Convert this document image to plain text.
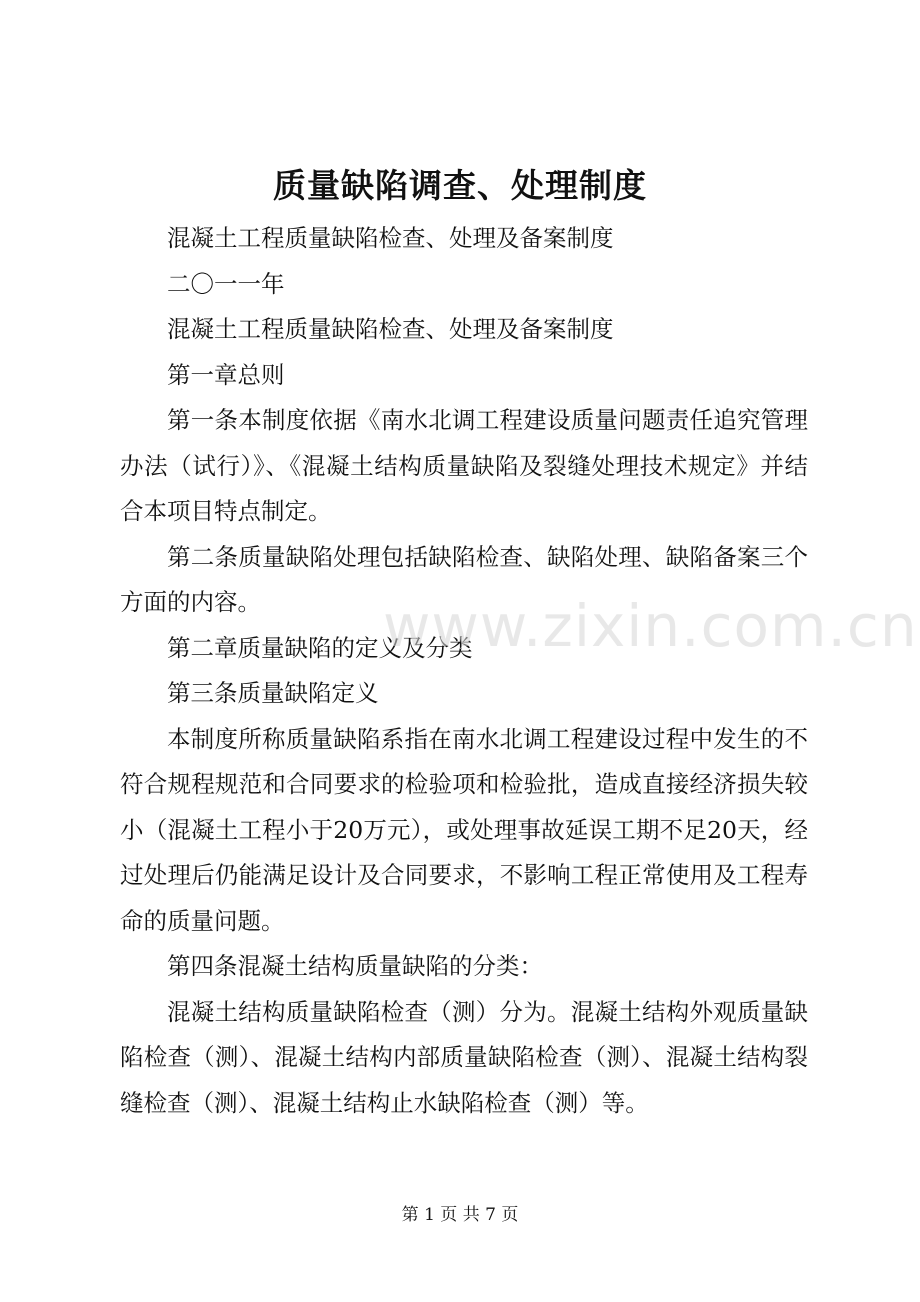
质量缺陷调查、处理制度

混凝土工程质量缺陷检查、处理及备案制度

二〇一一年

混凝土工程质量缺陷检查、处理及备案制度

第一章总则

第一条本制度依据《南水北调工程建设质量问题责任追究管理办法（试行）》、《混凝土结构质量缺陷及裂缝处理技术规定》并结合本项目特点制定。

第二条质量缺陷处理包括缺陷检查、缺陷处理、缺陷备案三个方面的内容。

第二章质量缺陷的定义及分类

第三条质量缺陷定义

本制度所称质量缺陷系指在南水北调工程建设过程中发生的不符合规程规范和合同要求的检验项和检验批，造成直接经济损失较小（混凝土工程小于20万元），或处理事故延误工期不足20天，经过处理后仍能满足设计及合同要求，不影响工程正常使用及工程寿命的质量问题。

第四条混凝土结构质量缺陷的分类：

混凝土结构质量缺陷检查（测）分为。混凝土结构外观质量缺陷检查（测）、混凝土结构内部质量缺陷检查（测）、混凝土结构裂缝检查（测）、混凝土结构止水缺陷检查（测）等。

www.zixin.com.cn
第 1 页 共 7 页
